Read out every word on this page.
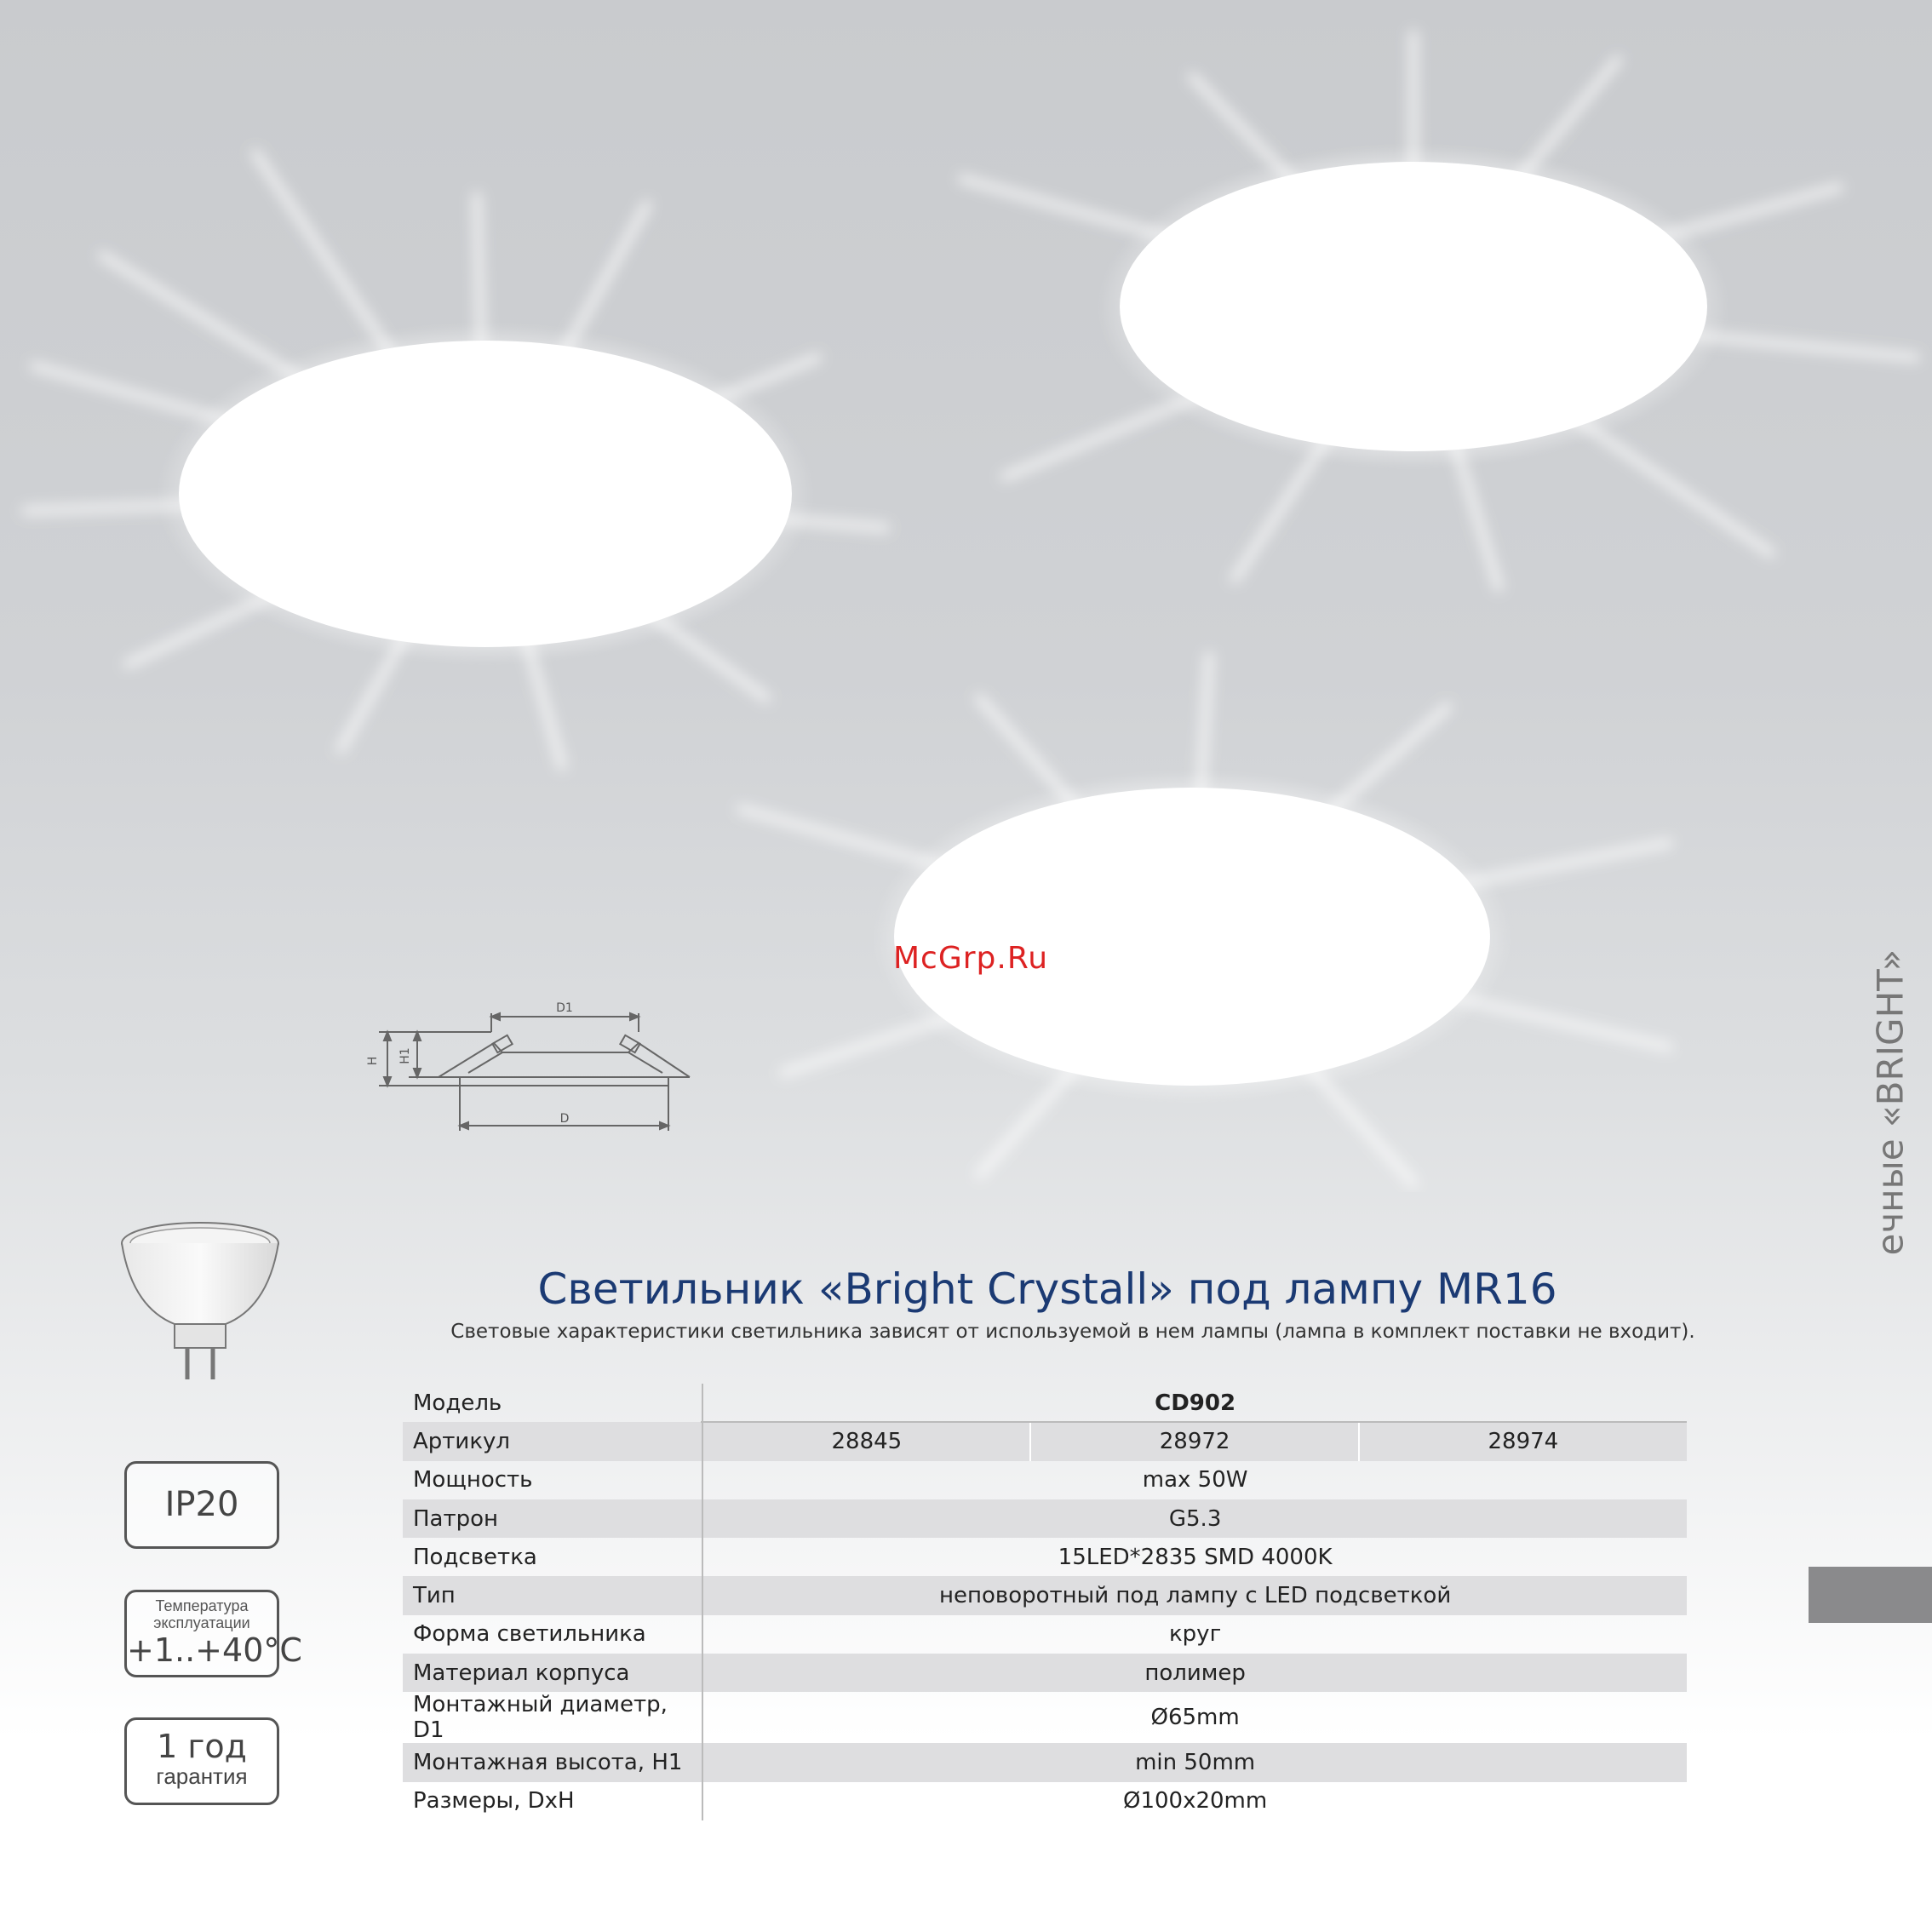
McGrp.Ru	ечные «BRIGHT»
D1
D
H H1
IP20
Температура
эксплуатации
+1..+40°C
1 год
гарантия
Светильник «Bright Crystall» под лампу MR16
Световые характеристики светильника зависят от используемой в нем лампы (лампа в комплект поставки не входит).
Модель	CD902		
Артикул	28845	28972	28974
Мощность	max 50W		
Патрон	G5.3		
Подсветка	15LED*2835 SMD 4000K		
Тип	неповоротный под лампу с LED подсветкой		
Форма светильника	круг		
Материал корпуса	полимер		
Монтажный диаметр, D1	Ø65mm		
Монтажная высота, H1	min 50mm		
Размеры, DxH	Ø100x20mm		
